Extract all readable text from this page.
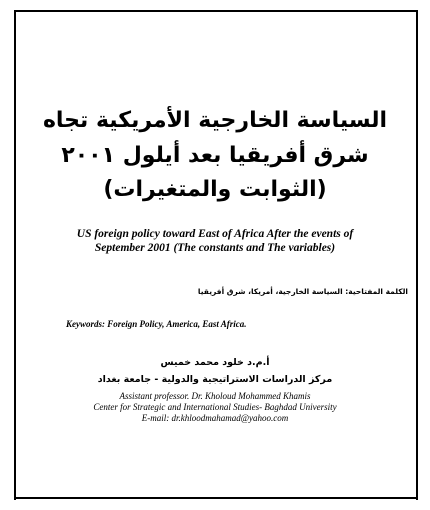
السياسة الخارجية الأمريكية تجاه
شرق أفريقيا بعد أيلول ٢٠٠١
(الثوابت والمتغيرات)
US foreign policy toward East of Africa After the events of
September 2001 (The constants and The variables)
الكلمة المفتاحية: السياسة الخارجية، أمريكا، شرق أفريقيا
Keywords: Foreign Policy, America, East Africa.
أ.م.د خلود محمد خميس
مركز الدراسات الاستراتيجية والدولية - جامعة بغداد
Assistant professor. Dr. Kholoud Mohammed Khamis
Center for Strategic and International Studies- Baghdad University
E-mail: dr.khloodmahamad@yahoo.com
